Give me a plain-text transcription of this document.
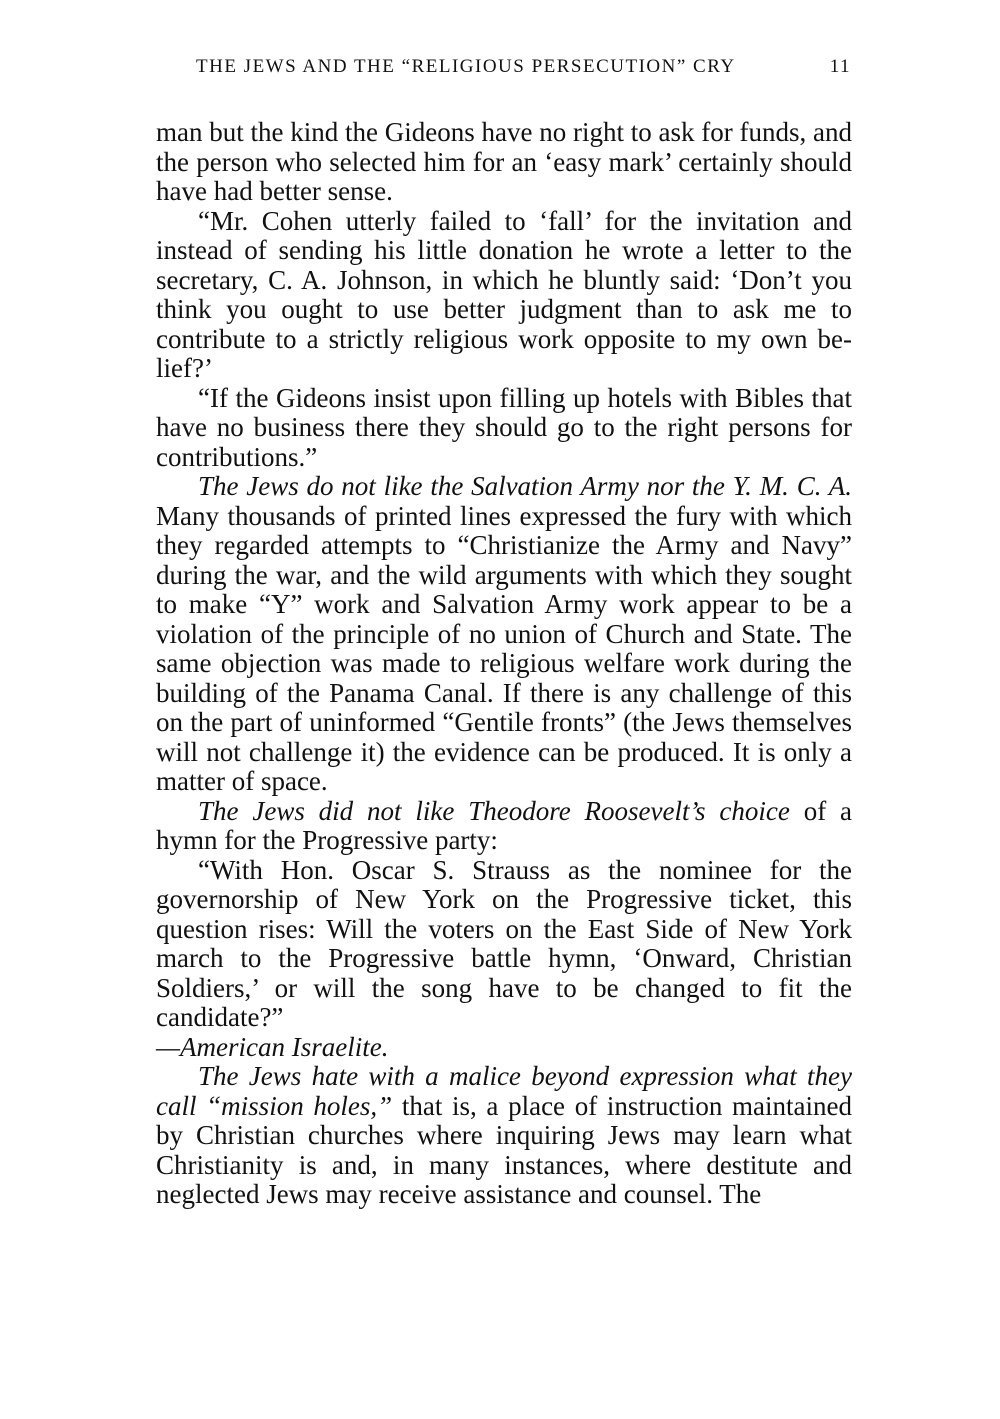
THE JEWS AND THE “RELIGIOUS PERSECUTION” CRY	11

man but the kind the Gideons have no right to ask for funds, and the person who selected him for an ‘easy mark’ certainly should have had better sense.

“Mr. Cohen utterly failed to ‘fall’ for the invitation and instead of sending his little donation he wrote a letter to the secretary, C. A. Johnson, in which he bluntly said: ‘Don’t you think you ought to use better judgment than to ask me to contribute to a strictly religious work opposite to my own belief?’

“If the Gideons insist upon filling up hotels with Bibles that have no business there they should go to the right persons for contributions.”

The Jews do not like the Salvation Army nor the Y. M. C. A. Many thousands of printed lines expressed the fury with which they regarded attempts to “Christianize the Army and Navy” during the war, and the wild arguments with which they sought to make “Y” work and Salvation Army work appear to be a violation of the principle of no union of Church and State. The same objection was made to religious welfare work during the building of the Panama Canal. If there is any challenge of this on the part of uninformed “Gentile fronts” (the Jews themselves will not challenge it) the evidence can be produced. It is only a matter of space.

The Jews did not like Theodore Roosevelt’s choice of a hymn for the Progressive party:

“With Hon. Oscar S. Strauss as the nominee for the governorship of New York on the Progressive ticket, this question rises: Will the voters on the East Side of New York march to the Progressive battle hymn, ‘Onward, Christian Soldiers,’ or will the song have to be changed to fit the candidate?”

—American Israelite.

The Jews hate with a malice beyond expression what they call “mission holes,” that is, a place of instruction maintained by Christian churches where inquiring Jews may learn what Christianity is and, in many instances, where destitute and neglected Jews may receive assistance and counsel. The
